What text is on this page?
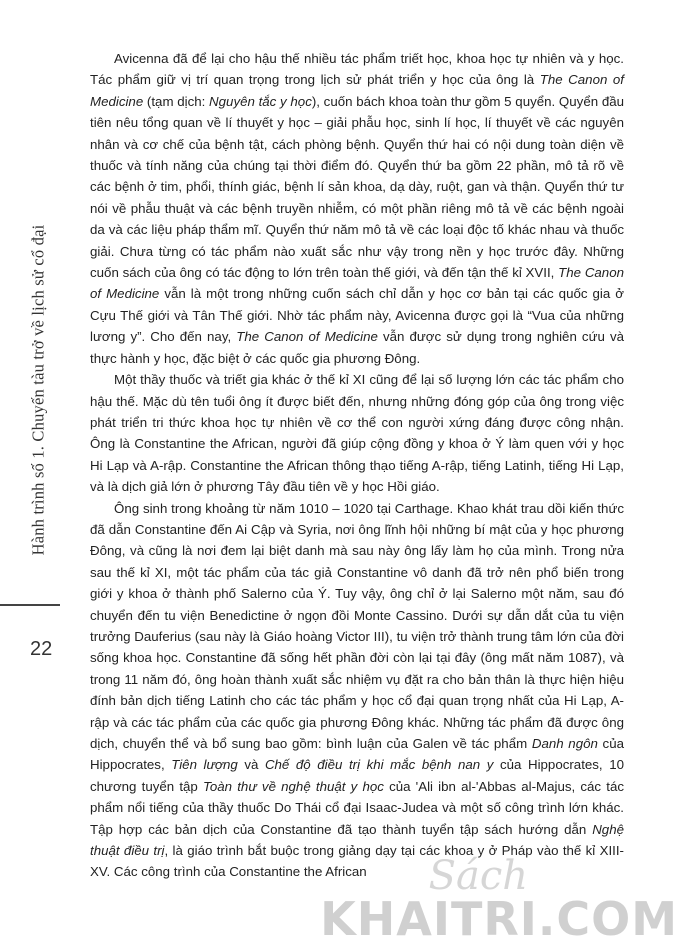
Hành trình số 1. Chuyến tàu trở về lịch sử cổ đại
22

Avicenna đã để lại cho hậu thế nhiều tác phẩm triết học, khoa học tự nhiên và y học. Tác phẩm giữ vị trí quan trọng trong lịch sử phát triển y học của ông là The Canon of Medicine (tạm dịch: Nguyên tắc y học), cuốn bách khoa toàn thư gồm 5 quyển. Quyển đầu tiên nêu tổng quan về lí thuyết y học – giải phẫu học, sinh lí học, lí thuyết về các nguyên nhân và cơ chế của bệnh tật, cách phòng bệnh. Quyển thứ hai có nội dung toàn diện về thuốc và tính năng của chúng tại thời điểm đó. Quyển thứ ba gồm 22 phần, mô tả rõ về các bệnh ở tim, phổi, thính giác, bệnh lí sản khoa, dạ dày, ruột, gan và thận. Quyển thứ tư nói về phẫu thuật và các bệnh truyền nhiễm, có một phần riêng mô tả về các bệnh ngoài da và các liệu pháp thẩm mĩ. Quyển thứ năm mô tả về các loại độc tố khác nhau và thuốc giải. Chưa từng có tác phẩm nào xuất sắc như vậy trong nền y học trước đây. Những cuốn sách của ông có tác động to lớn trên toàn thế giới, và đến tận thế kỉ XVII, The Canon of Medicine vẫn là một trong những cuốn sách chỉ dẫn y học cơ bản tại các quốc gia ở Cựu Thế giới và Tân Thế giới. Nhờ tác phẩm này, Avicenna được gọi là “Vua của những lương y”. Cho đến nay, The Canon of Medicine vẫn được sử dụng trong nghiên cứu và thực hành y học, đặc biệt ở các quốc gia phương Đông.

Một thầy thuốc và triết gia khác ở thế kỉ XI cũng để lại số lượng lớn các tác phẩm cho hậu thế. Mặc dù tên tuổi ông ít được biết đến, nhưng những đóng góp của ông trong việc phát triển tri thức khoa học tự nhiên về cơ thể con người xứng đáng được công nhận. Ông là Constantine the African, người đã giúp cộng đồng y khoa ở Ý làm quen với y học Hi Lạp và A-rập. Constantine the African thông thạo tiếng A-rập, tiếng Latinh, tiếng Hi Lạp, và là dịch giả lớn ở phương Tây đầu tiên về y học Hồi giáo.

Ông sinh trong khoảng từ năm 1010 – 1020 tại Carthage. Khao khát trau dồi kiến thức đã dẫn Constantine đến Ai Cập và Syria, nơi ông lĩnh hội những bí mật của y học phương Đông, và cũng là nơi đem lại biệt danh mà sau này ông lấy làm họ của mình. Trong nửa sau thế kỉ XI, một tác phẩm của tác giả Constantine vô danh đã trở nên phổ biến trong giới y khoa ở thành phố Salerno của Ý. Tuy vậy, ông chỉ ở lại Salerno một năm, sau đó chuyển đến tu viện Benedictine ở ngọn đồi Monte Cassino. Dưới sự dẫn dắt của tu viện trưởng Dauferius (sau này là Giáo hoàng Victor III), tu viện trở thành trung tâm lớn của đời sống khoa học. Constantine đã sống hết phần đời còn lại tại đây (ông mất năm 1087), và trong 11 năm đó, ông hoàn thành xuất sắc nhiệm vụ đặt ra cho bản thân là thực hiện hiệu đính bản dịch tiếng Latinh cho các tác phẩm y học cổ đại quan trọng nhất của Hi Lạp, A-rập và các tác phẩm của các quốc gia phương Đông khác. Những tác phẩm đã được ông dịch, chuyển thể và bổ sung bao gồm: bình luận của Galen về tác phẩm Danh ngôn của Hippocrates, Tiên lượng và Chế độ điều trị khi mắc bệnh nan y của Hippocrates, 10 chương tuyển tập Toàn thư về nghệ thuật y học của 'Ali ibn al-'Abbas al-Majus, các tác phẩm nổi tiếng của thầy thuốc Do Thái cổ đại Isaac-Judea và một số công trình lớn khác. Tập hợp các bản dịch của Constantine đã tạo thành tuyển tập sách hướng dẫn Nghệ thuật điều trị, là giáo trình bắt buộc trong giảng dạy tại các khoa y ở Pháp vào thế kỉ XIII-XV. Các công trình của Constantine the African	Sách
KHAITRI.COM
